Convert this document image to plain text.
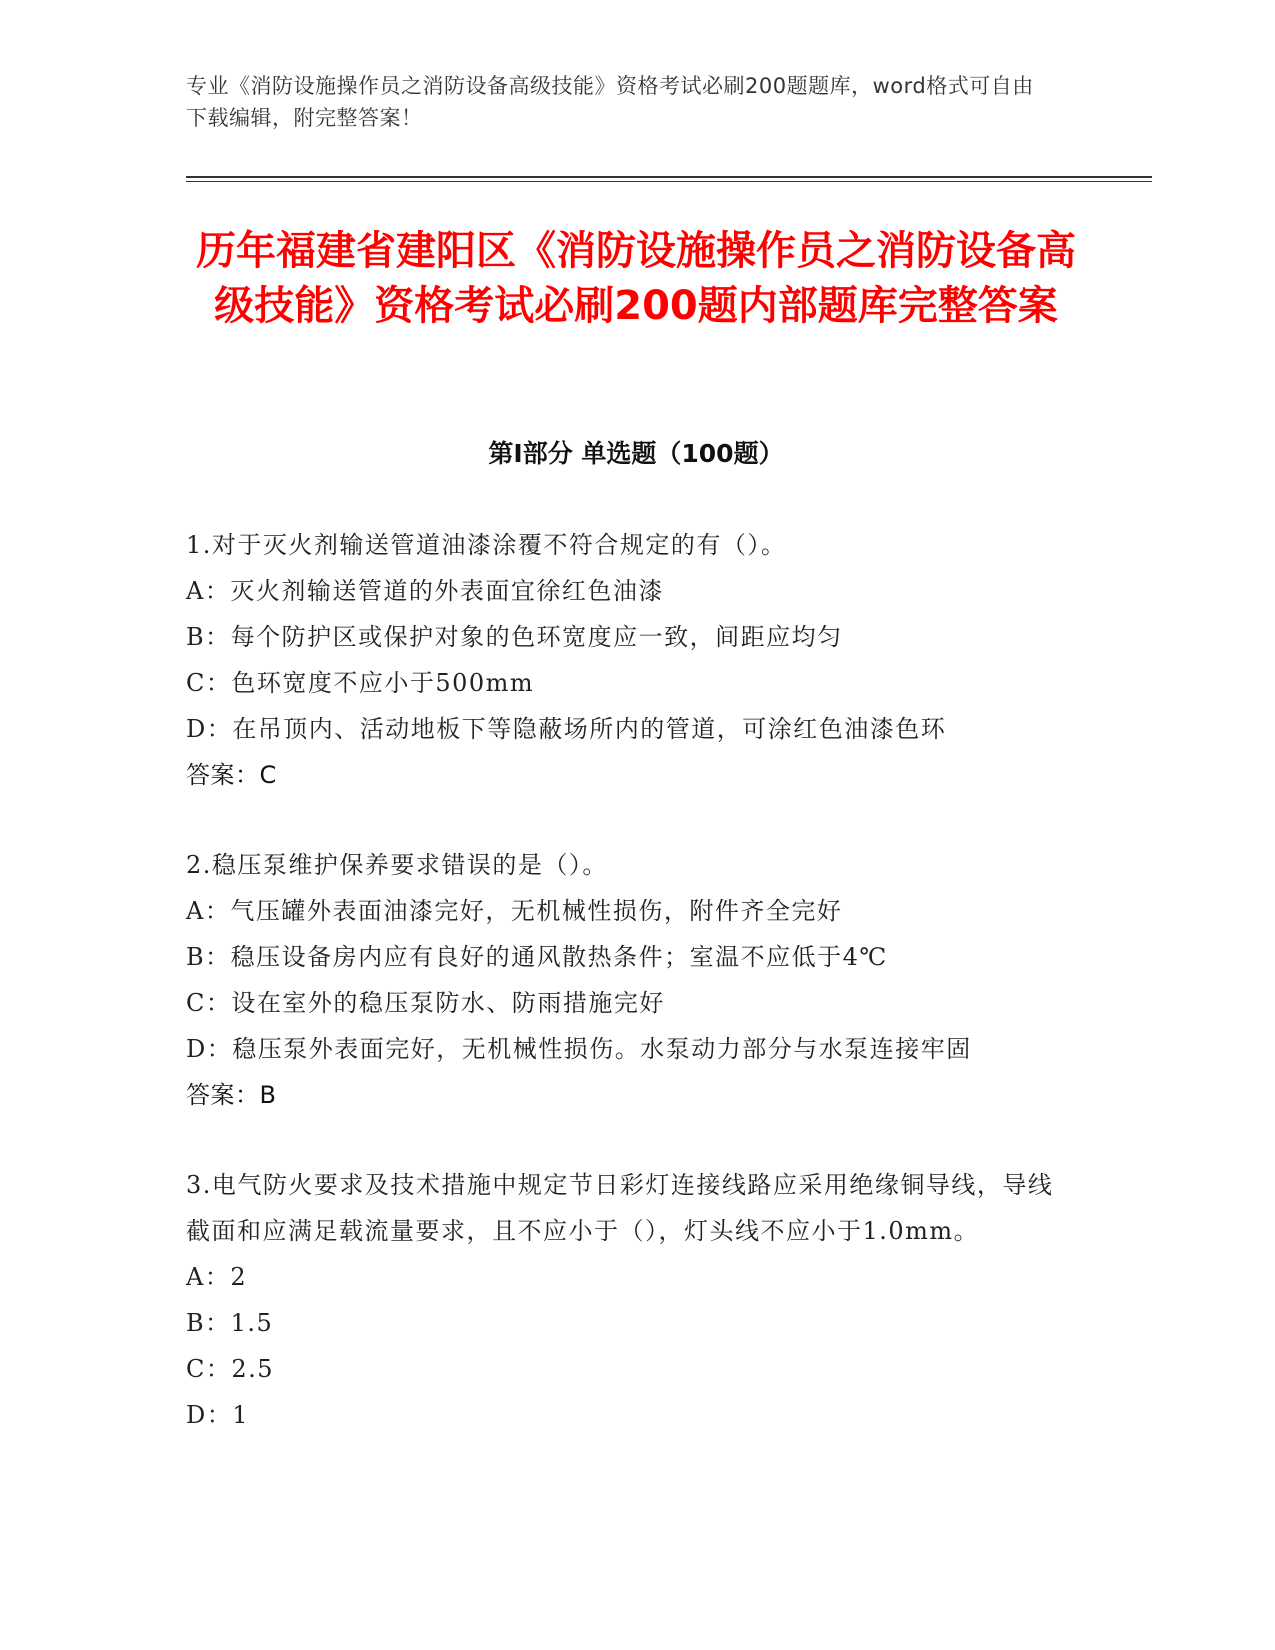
专业《消防设施操作员之消防设备高级技能》资格考试必刷200题题库，word格式可自由下载编辑，附完整答案！
历年福建省建阳区《消防设施操作员之消防设备高级技能》资格考试必刷200题内部题库完整答案
第I部分 单选题（100题）

1.对于灭火剂输送管道油漆涂覆不符合规定的有（）。

A：灭火剂输送管道的外表面宜徐红色油漆

B：每个防护区或保护对象的色环宽度应一致，间距应均匀

C：色环宽度不应小于500mm

D：在吊顶内、活动地板下等隐蔽场所内的管道，可涂红色油漆色环

答案：C

2.稳压泵维护保养要求错误的是（）。

A：气压罐外表面油漆完好，无机械性损伤，附件齐全完好

B：稳压设备房内应有良好的通风散热条件；室温不应低于4℃

C：设在室外的稳压泵防水、防雨措施完好

D：稳压泵外表面完好，无机械性损伤。水泵动力部分与水泵连接牢固

答案：B

3.电气防火要求及技术措施中规定节日彩灯连接线路应采用绝缘铜导线，导线截面和应满足载流量要求，且不应小于（），灯头线不应小于1.0mm。

A：2

B：1.5

C：2.5

D：1
